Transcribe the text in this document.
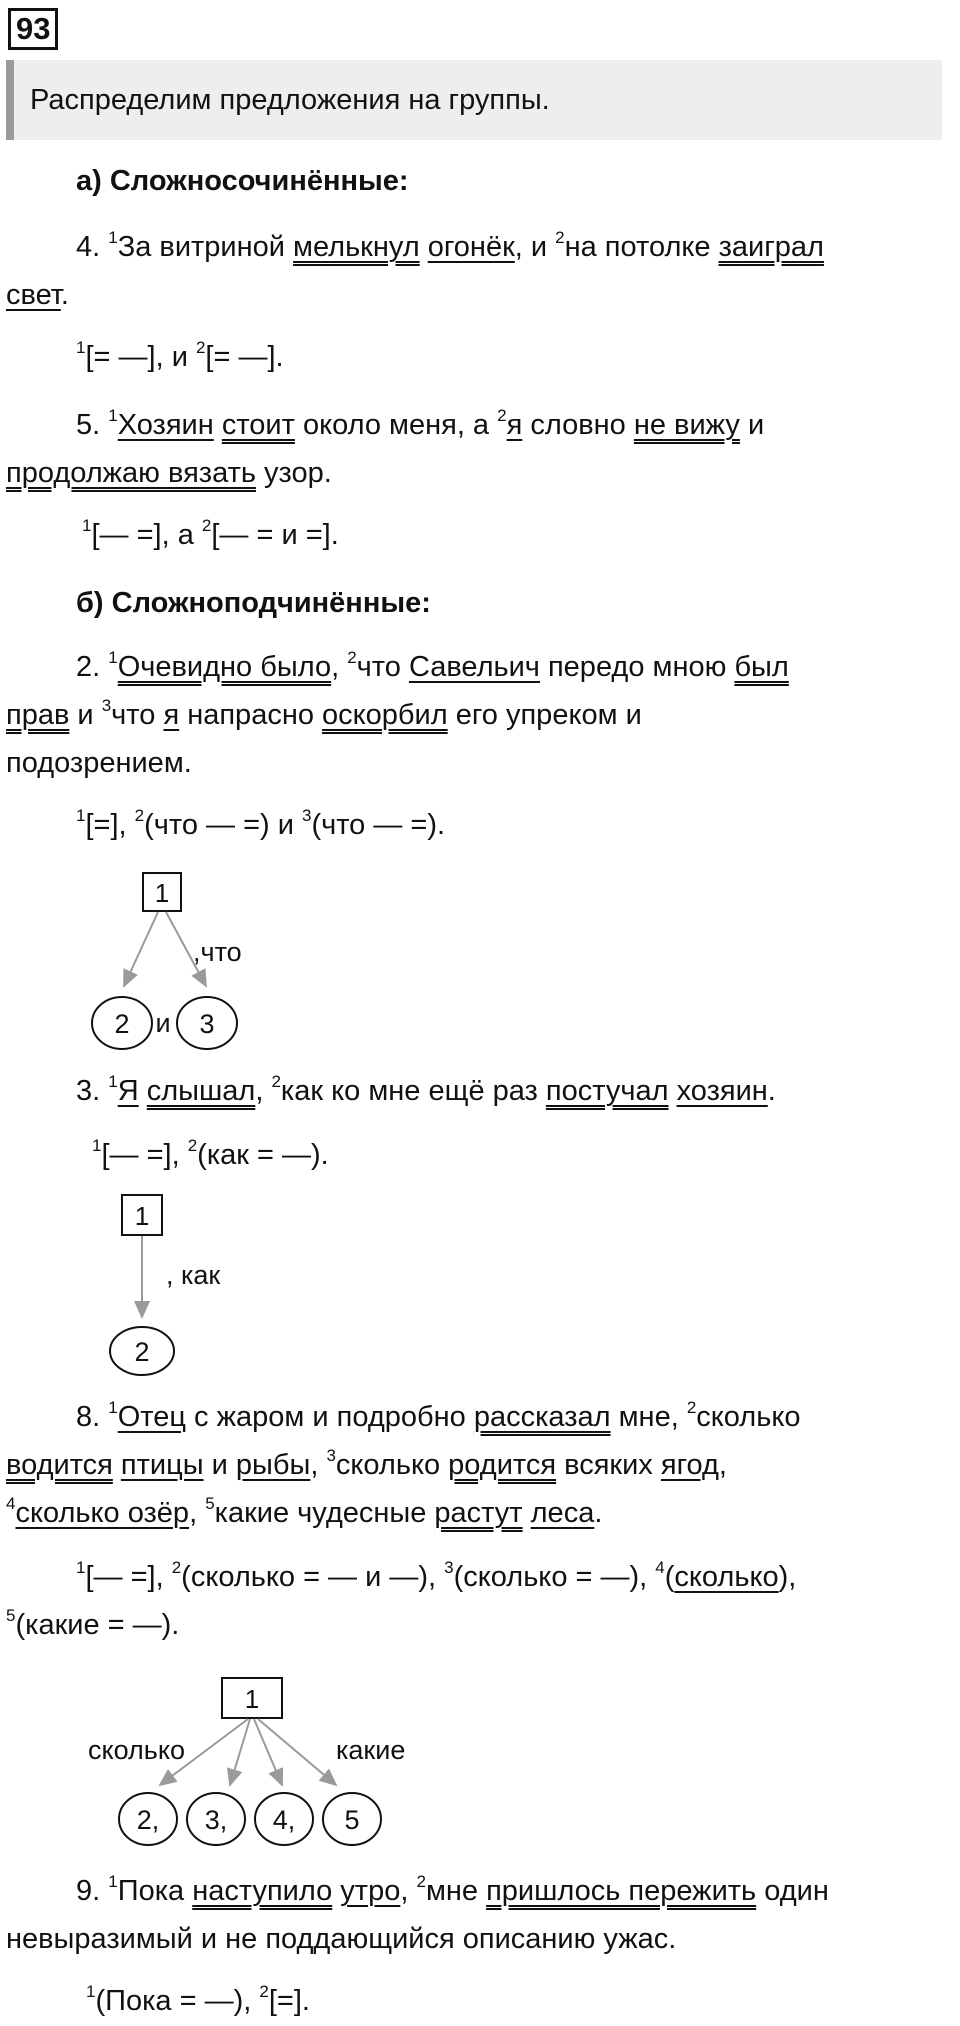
93
Распределим предложения на группы.
а) Сложносочинённые:
4. $^1$За витриной мелькнул огонёк, и $^2$на потолке заиграл
свет.
$^1$[= —], и $^2$[= —].
5. $^1$Хозяин стоит около меня, а $^2$я словно не вижу и
продолжаю вязать узор.
$^1$[— =], а $^2$[— = и =].
б) Сложноподчинённые:
2. $^1$Очевидно было, $^2$что Савельич передо мною был
прав и $^3$что я напрасно оскорбил его упреком и
подозрением.
$^1$[=], $^2$(что — =) и $^3$(что — =).
1
,что
2 и 3
3. $^1$Я слышал, $^2$как ко мне ещё раз постучал хозяин.
$^1$[— =], $^2$(как = —).
1
, как
2
8. $^1$Отец с жаром и подробно рассказал мне, $^2$сколько
водится птицы и рыбы, $^3$сколько родится всяких ягод,
$^4$сколько озёр, $^5$какие чудесные растут леса.
$^1$[— =], $^2$(сколько = — и —), $^3$(сколько = —), $^4$(сколько),
$^5$(какие = —).
1
сколько	какие
2, 3, 4, 5
9. $^1$Пока наступило утро, $^2$мне пришлось пережить один
невыразимый и не поддающийся описанию ужас.
$^1$(Пока = —), $^2$[=].
